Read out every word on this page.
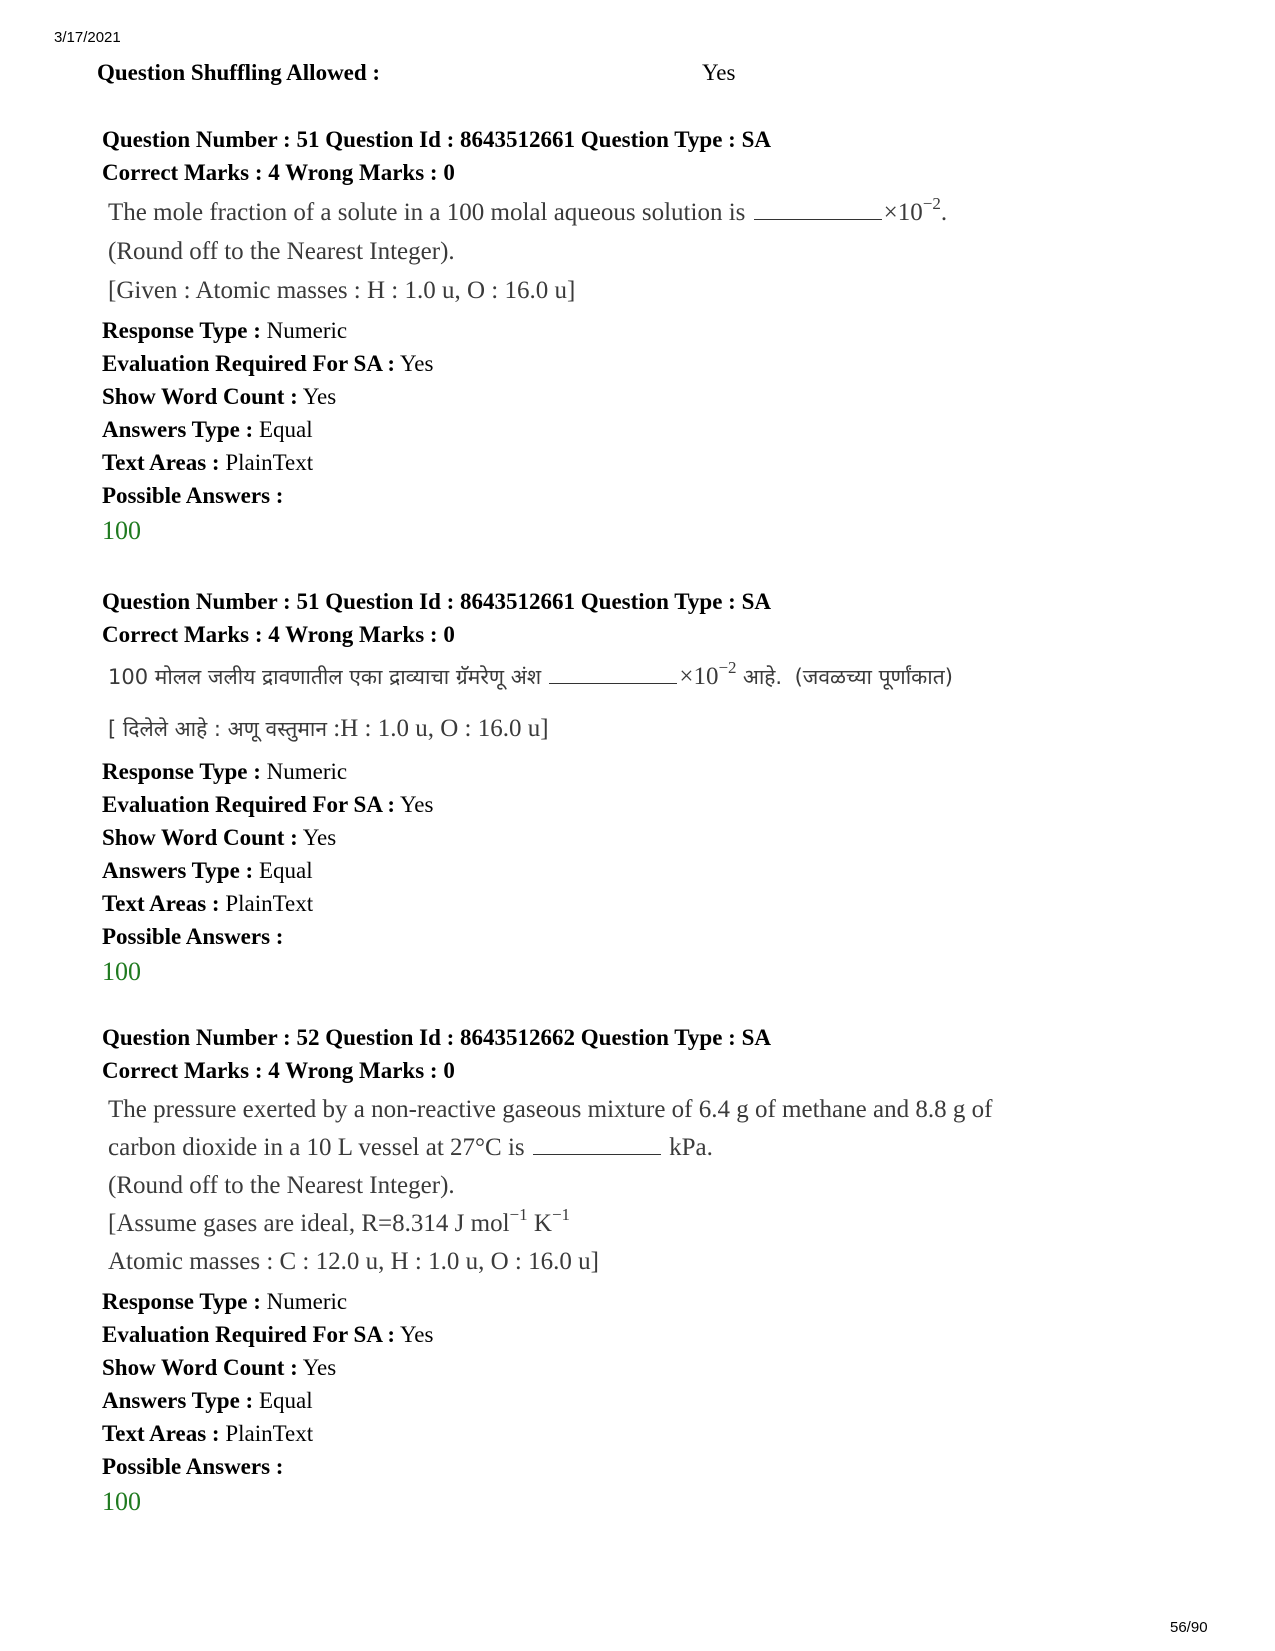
3/17/2021
Question Shuffling Allowed :	Yes
Question Number : 51 Question Id : 8643512661 Question Type : SA
Correct Marks : 4 Wrong Marks : 0
The mole fraction of a solute in a 100 molal aqueous solution is	$\times 10^{-2}$.
(Round off to the Nearest Integer).
[Given : Atomic masses : H : 1.0 u, O : 16.0 u]
Response Type : Numeric
Evaluation Required For SA : Yes
Show Word Count : Yes
Answers Type : Equal
Text Areas : PlainText
Possible Answers :
100
Question Number : 51 Question Id : 8643512661 Question Type : SA
Correct Marks : 4 Wrong Marks : 0
100 मोलल जलीय द्रावणातील एका द्राव्याचा ग्रॅमरेणू अंश	$\times 10^{-2}$ आहे. (जवळच्या पूर्णांकात)
[ दिलेले आहे : अणू वस्तुमान :H : 1.0 u, O : 16.0 u]
Response Type : Numeric
Evaluation Required For SA : Yes
Show Word Count : Yes
Answers Type : Equal
Text Areas : PlainText
Possible Answers :
100
Question Number : 52 Question Id : 8643512662 Question Type : SA
Correct Marks : 4 Wrong Marks : 0
The pressure exerted by a non-reactive gaseous mixture of 6.4 g of methane and 8.8 g of
carbon dioxide in a 10 L vessel at 27°C is	kPa.
(Round off to the Nearest Integer).
[Assume gases are ideal, R=8.314 J mol$^{-1}$ $K^{-1}$
Atomic masses : C : 12.0 u, H : 1.0 u, O : 16.0 u]
Response Type : Numeric
Evaluation Required For SA : Yes
Show Word Count : Yes
Answers Type : Equal
Text Areas : PlainText
Possible Answers :
100
56/90
